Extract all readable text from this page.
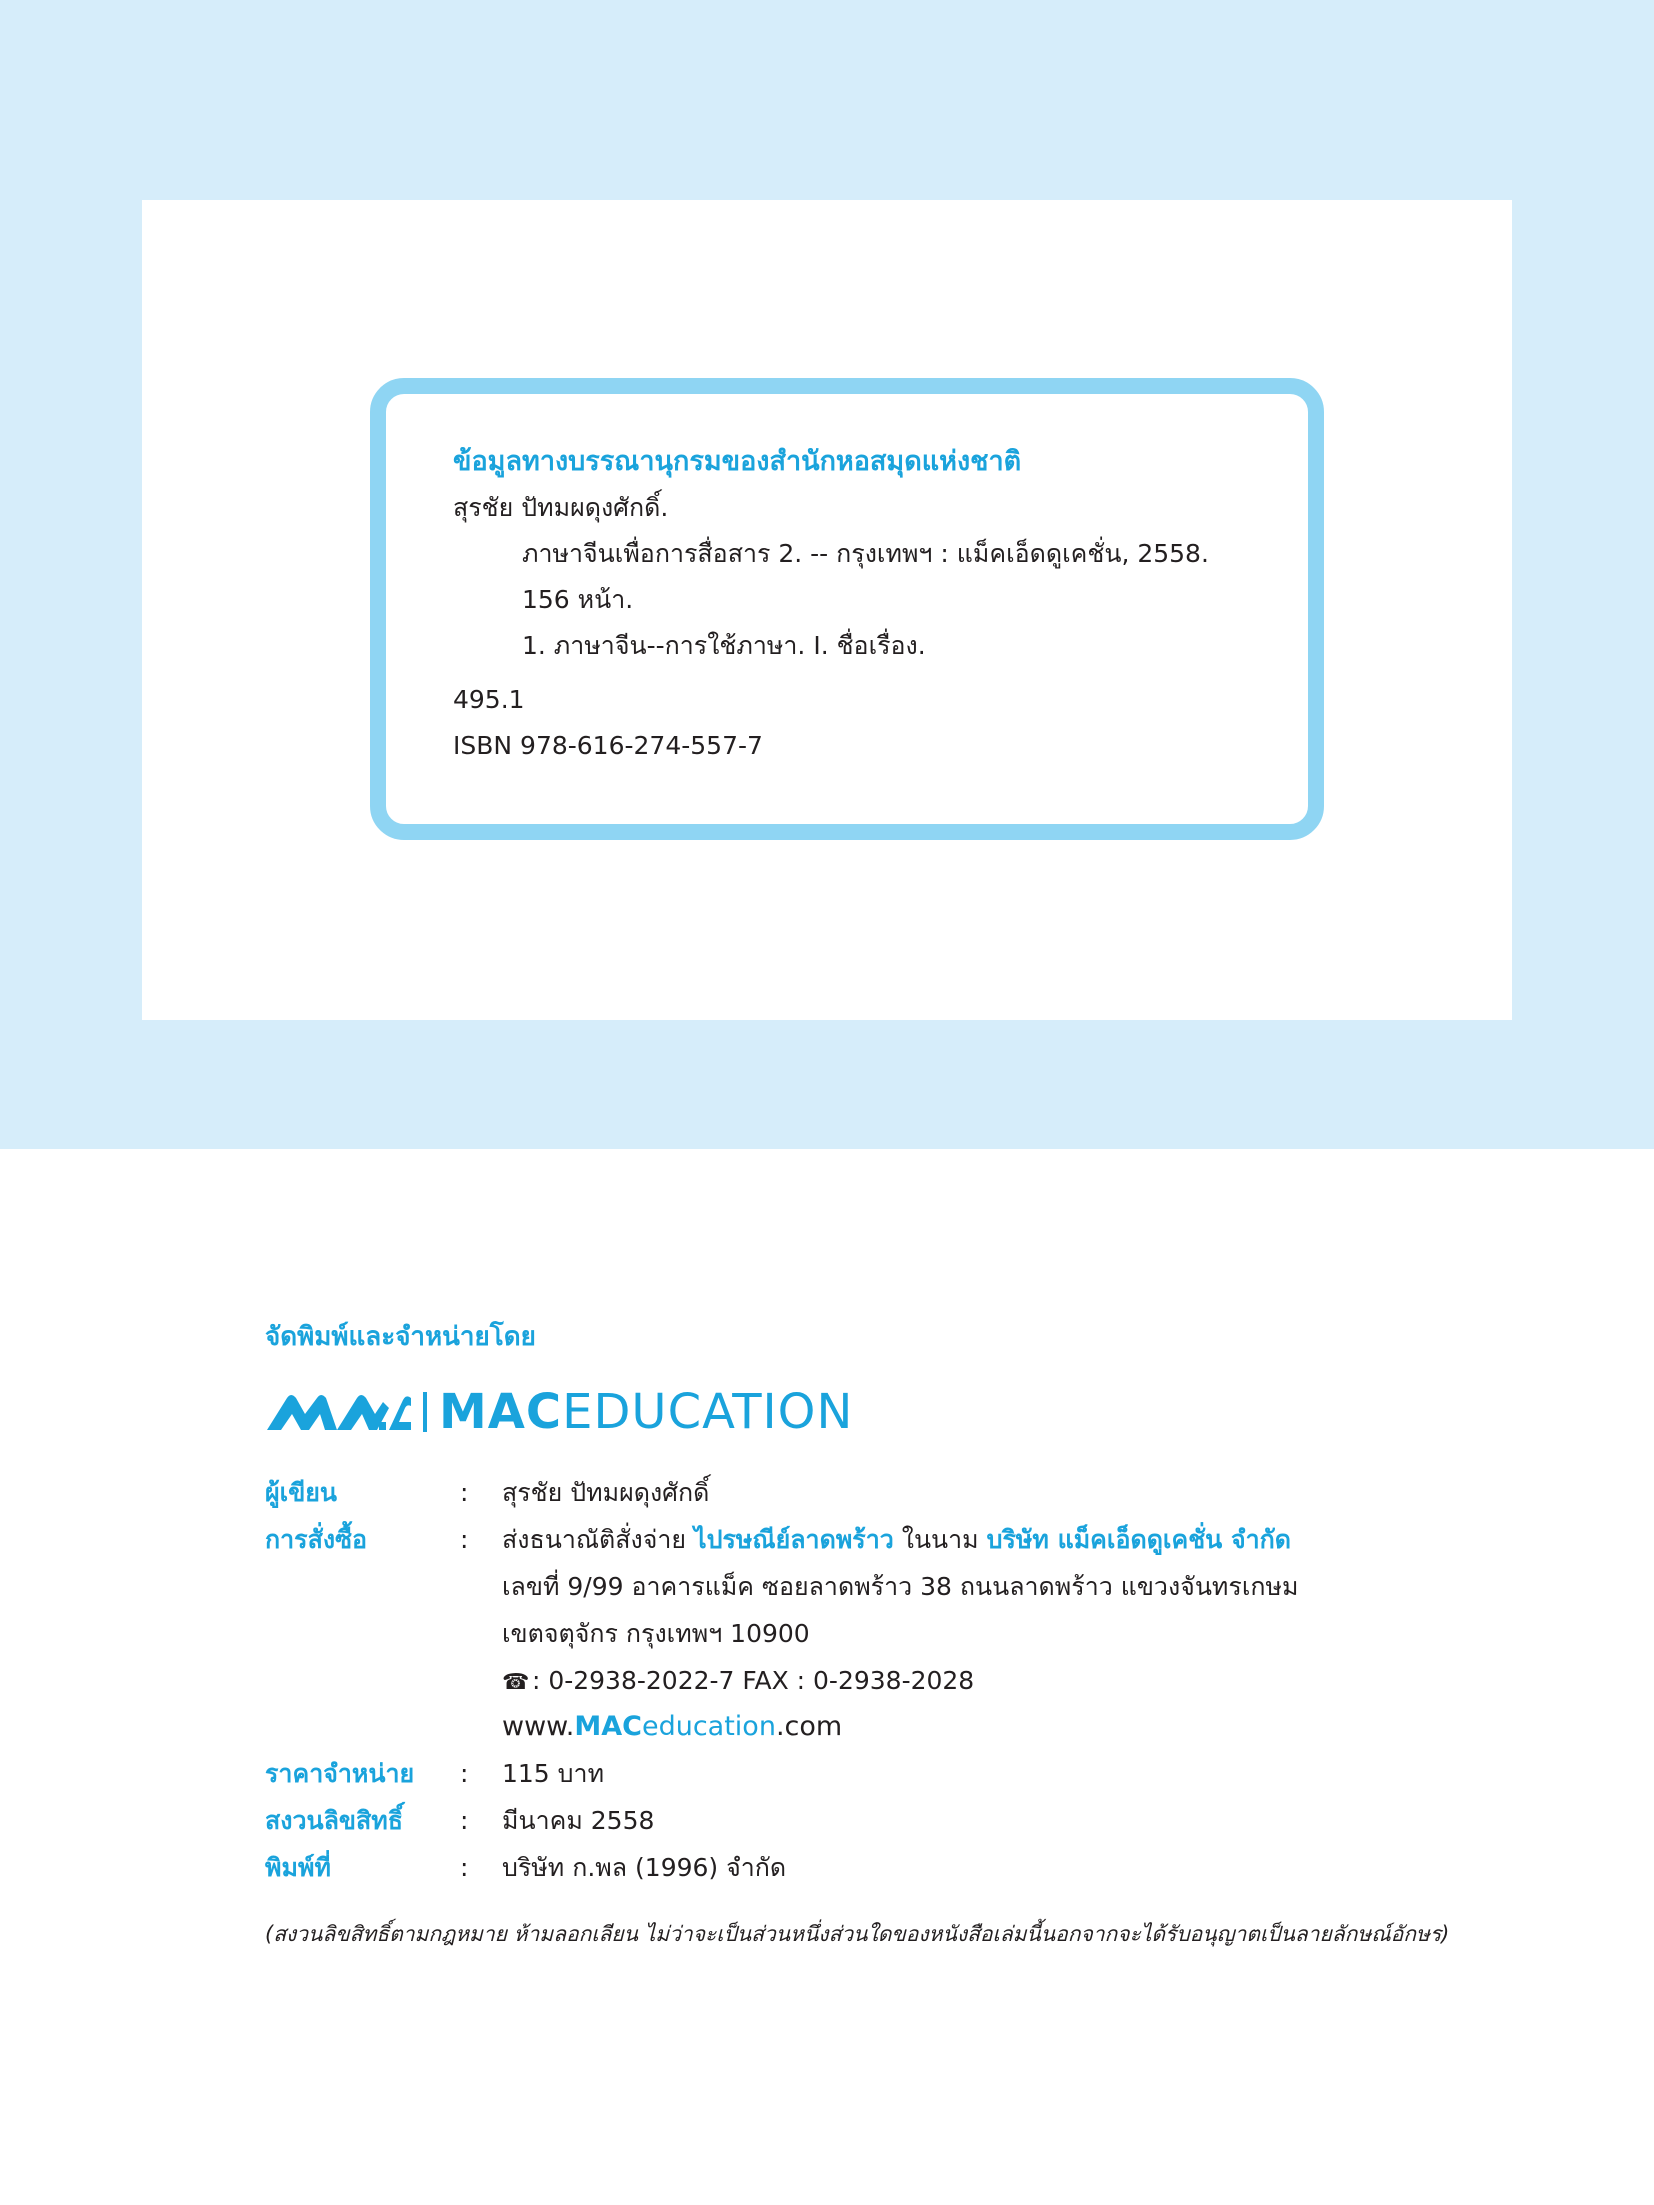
ข้อมูลทางบรรณานุกรมของสำนักหอสมุดแห่งชาติ
สุรชัย ปัทมผดุงศักดิ์.
ภาษาจีนเพื่อการสื่อสาร 2. -- กรุงเทพฯ : แม็คเอ็ดดูเคชั่น, 2558.
156 หน้า.
1. ภาษาจีน--การใช้ภาษา. I. ชื่อเรื่อง.
495.1
ISBN 978-616-274-557-7
จัดพิมพ์และจำหน่ายโดย
MACEDUCATION
ผู้เขียน	: สุรชัย ปัทมผดุงศักดิ์
การสั่งซื้อ	: ส่งธนาณัติสั่งจ่าย ไปรษณีย์ลาดพร้าว ในนาม บริษัท แม็คเอ็ดดูเคชั่น จำกัด
เลขที่ 9/99 อาคารแม็ค ซอยลาดพร้าว 38 ถนนลาดพร้าว แขวงจันทรเกษม
เขตจตุจักร กรุงเทพฯ 10900
☎ : 0-2938-2022-7 FAX : 0-2938-2028
www.MACeducation.com
ราคาจำหน่าย : 115 บาท
สงวนลิขสิทธิ์ : มีนาคม 2558
พิมพ์ที่	: บริษัท ก.พล (1996) จำกัด
(สงวนลิขสิทธิ์ตามกฎหมาย ห้ามลอกเลียน ไม่ว่าจะเป็นส่วนหนึ่งส่วนใดของหนังสือเล่มนี้นอกจากจะได้รับอนุญาตเป็นลายลักษณ์อักษร)
